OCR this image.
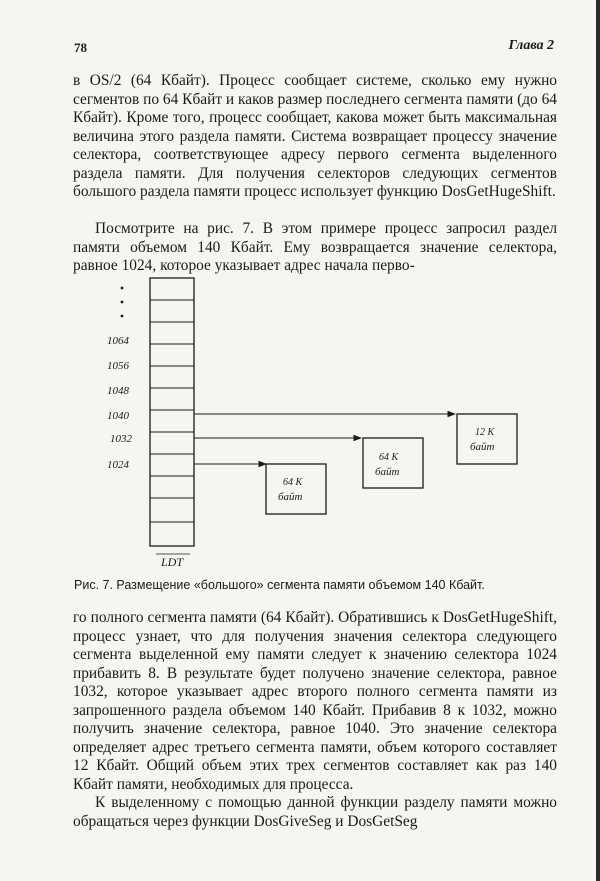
78	Глава 2

в OS/2 (64 Кбайт). Процесс сообщает системе, сколько ему нужно сегментов по 64 Кбайт и каков размер последнего сегмента памяти (до 64 Кбайт). Кроме того, процесс сообщает, какова может быть максимальная величина этого раздела памяти. Система возвращает процессу значение селектора, соответствующее адресу первого сегмента выделенного раздела памяти. Для получения селекторов следующих сегментов большого раздела памяти процесс использует функцию DosGetHugeShift.

Посмотрите на рис. 7. В этом примере процесс запросил раздел памяти объемом 140 Кбайт. Ему возвращается значение селектора, равное 1024, которое указывает адрес начала перво-

1064
1056
1048
1040
1032
1024
LDT
64 К
байт
64 К
байт
12 К
байт
Рис. 7. Размещение «большого» сегмента памяти объемом 140 Кбайт.

го полного сегмента памяти (64 Кбайт). Обратившись к DosGetHugeShift, процесс узнает, что для получения значения селектора следующего сегмента выделенной ему памяти следует к значению селектора 1024 прибавить 8. В результате будет получено значение селектора, равное 1032, которое указывает адрес второго полного сегмента памяти из запрошенного раздела объемом 140 Кбайт. Прибавив 8 к 1032, можно получить значение селектора, равное 1040. Это значение селектора определяет адрес третьего сегмента памяти, объем которого составляет 12 Кбайт. Общий объем этих трех сегментов составляет как раз 140 Кбайт памяти, необходимых для процесса.

К выделенному с помощью данной функции разделу памяти можно обращаться через функции DosGiveSeg и DosGetSeg
